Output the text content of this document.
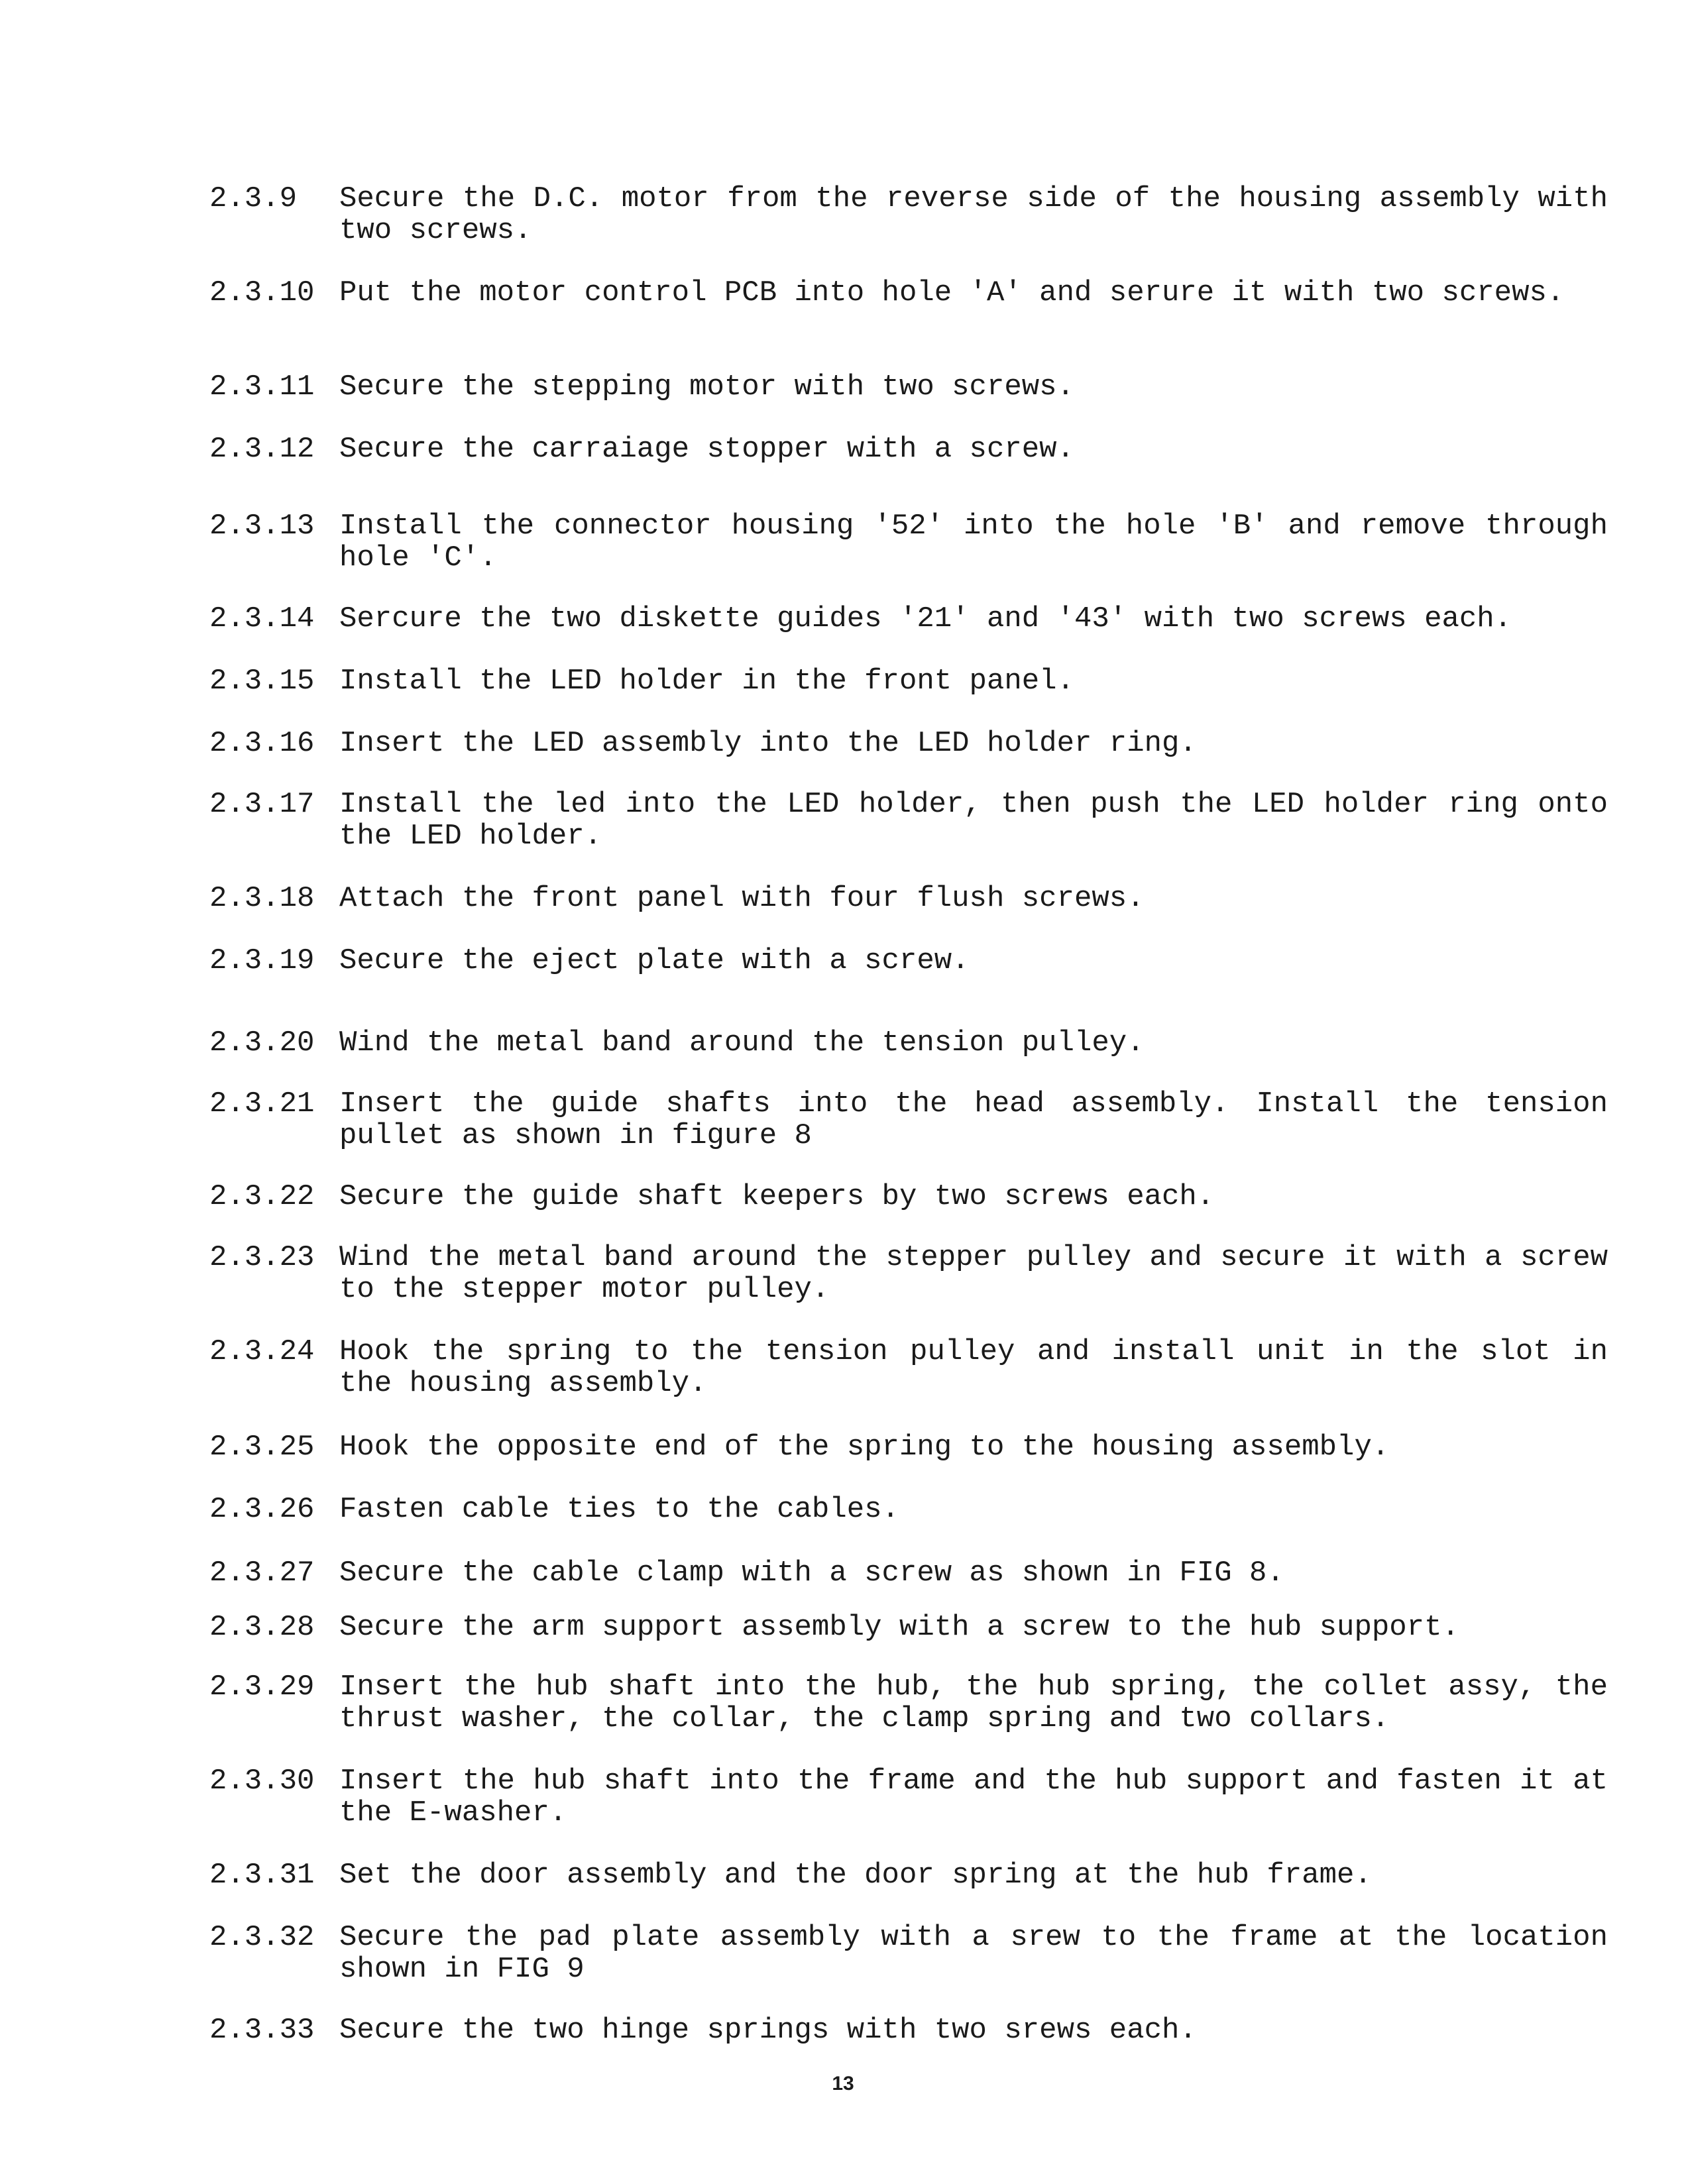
2.3.9 Secure the D.C. motor from the reverse side of the housing assembly with two screws.
2.3.10 Put the motor control PCB into hole 'A' and serure it with two screws.
2.3.11 Secure the stepping motor with two screws.
2.3.12 Secure the carraiage stopper with a screw.
2.3.13 Install the connector housing '52' into the hole 'B' and remove through hole 'C'.
2.3.14 Sercure the two diskette guides '21' and '43' with two screws each.
2.3.15 Install the LED holder in the front panel.
2.3.16 Insert the LED assembly into the LED holder ring.
2.3.17 Install the led into the LED holder, then push the LED holder ring onto the LED holder.
2.3.18 Attach the front panel with four flush screws.
2.3.19 Secure the eject plate with a screw.
2.3.20 Wind the metal band around the tension pulley.
2.3.21 Insert the guide shafts into the head assembly. Install the tension pullet as shown in figure 8
2.3.22 Secure the guide shaft keepers by two screws each.
2.3.23 Wind the metal band around the stepper pulley and secure it with a screw to the stepper motor pulley.
2.3.24 Hook the spring to the tension pulley and install unit in the slot in the housing assembly.
2.3.25 Hook the opposite end of the spring to the housing assembly.
2.3.26 Fasten cable ties to the cables.
2.3.27 Secure the cable clamp with a screw as shown in FIG 8.
2.3.28 Secure the arm support assembly with a screw to the hub support.
2.3.29 Insert the hub shaft into the hub, the hub spring, the collet assy, the thrust washer, the collar, the clamp spring and two collars.
2.3.30 Insert the hub shaft into the frame and the hub support and fasten it at the E-washer.
2.3.31 Set the door assembly and the door spring at the hub frame.
2.3.32 Secure the pad plate assembly with a srew to the frame at the location shown in FIG 9
2.3.33 Secure the two hinge springs with two srews each.
13
